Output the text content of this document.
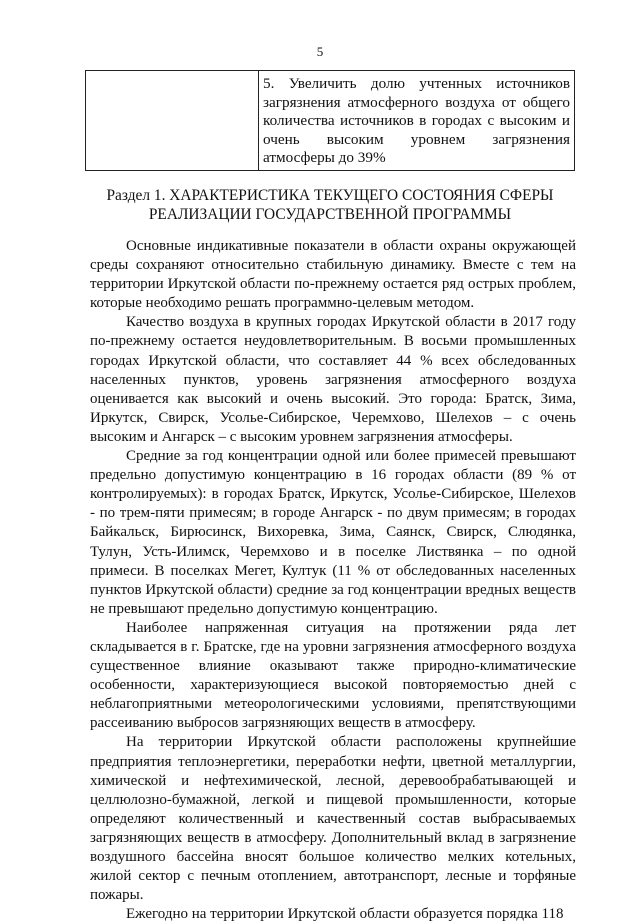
5
	5. Увеличить долю учтенных источников загрязнения атмосферного воздуха от общего количества источников в городах с высоким и очень высоким уровнем загрязнения атмосферы до 39%
Раздел 1. ХАРАКТЕРИСТИКА ТЕКУЩЕГО СОСТОЯНИЯ СФЕРЫ РЕАЛИЗАЦИИ ГОСУДАРСТВЕННОЙ ПРОГРАММЫ

Основные индикативные показатели в области охраны окружающей среды сохраняют относительно стабильную динамику. Вместе с тем на территории Иркутской области по-прежнему остается ряд острых проблем, которые необходимо решать программно-целевым методом.

Качество воздуха в крупных городах Иркутской области в 2017 году по-прежнему остается неудовлетворительным. В восьми промышленных городах Иркутской области, что составляет 44 % всех обследованных населенных пунктов, уровень загрязнения атмосферного воздуха оценивается как высокий и очень высокий. Это города: Братск, Зима, Иркутск, Свирск, Усолье-Сибирское, Черемхово, Шелехов – с очень высоким и Ангарск – с высоким уровнем загрязнения атмосферы.

Средние за год концентрации одной или более примесей превышают предельно допустимую концентрацию в 16 городах области (89 % от контролируемых): в городах Братск, Иркутск, Усолье-Сибирское, Шелехов - по трем-пяти примесям; в городе Ангарск - по двум примесям; в городах Байкальск, Бирюсинск, Вихоревка, Зима, Саянск, Свирск, Слюдянка, Тулун, Усть-Илимск, Черемхово и в поселке Листвянка – по одной примеси. В поселках Мегет, Култук (11 % от обследованных населенных пунктов Иркутской области) средние за год концентрации вредных веществ не превышают предельно допустимую концентрацию.

Наиболее напряженная ситуация на протяжении ряда лет складывается в г. Братске, где на уровни загрязнения атмосферного воздуха существенное влияние оказывают также природно-климатические особенности, характеризующиеся высокой повторяемостью дней с неблагоприятными метеорологическими условиями, препятствующими рассеиванию выбросов загрязняющих веществ в атмосферу.

На территории Иркутской области расположены крупнейшие предприятия теплоэнергетики, переработки нефти, цветной металлургии, химической и нефтехимической, лесной, деревообрабатывающей и целлюлозно-бумажной, легкой и пищевой промышленности, которые определяют количественный и качественный состав выбрасываемых загрязняющих веществ в атмосферу. Дополнительный вклад в загрязнение воздушного бассейна вносят большое количество мелких котельных, жилой сектор с печным отоплением, автотранспорт, лесные и торфяные пожары.

Ежегодно на территории Иркутской области образуется порядка 118
